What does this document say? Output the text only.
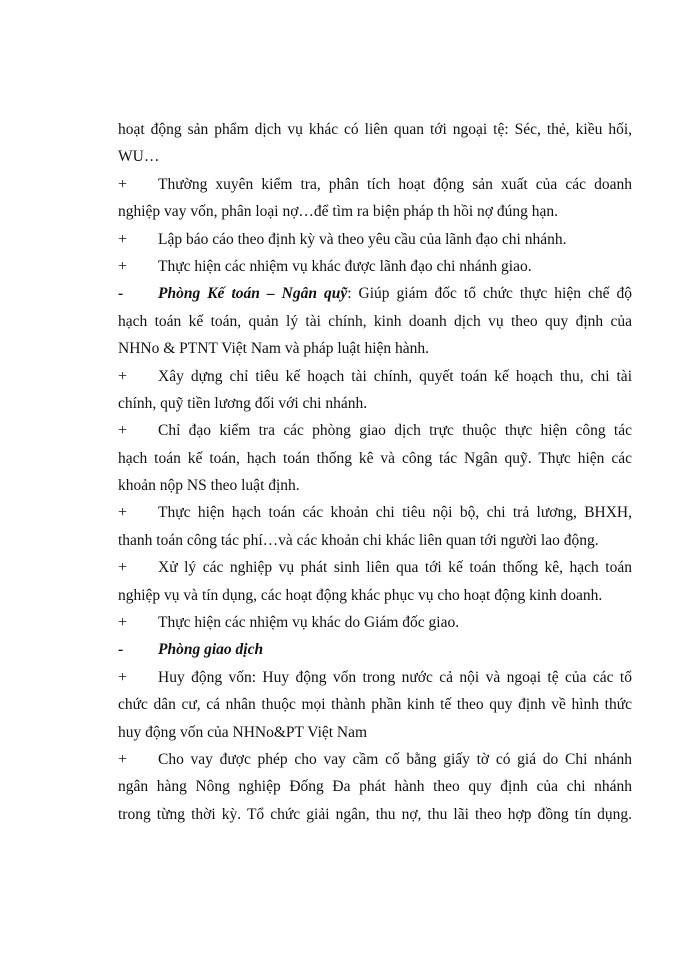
hoạt động sản phẩm dịch vụ khác có liên quan tới ngoại tệ: Séc, thẻ, kiều hối,
WU…
+	Thường xuyên kiểm tra, phân tích hoạt động sản xuất của các doanh
nghiệp vay vốn, phân loại nợ…để tìm ra biện pháp th hồi nợ đúng hạn.
+	Lập báo cáo theo định kỳ và theo yêu cầu của lãnh đạo chi nhánh.
+	Thực hiện các nhiệm vụ khác được lãnh đạo chi nhánh giao.
-	Phòng Kế toán – Ngân quỹ: Giúp giám đốc tổ chức thực hiện chế độ
hạch toán kế toán, quản lý tài chính, kinh doanh dịch vụ theo quy định của
NHNo & PTNT Việt Nam và pháp luật hiện hành.
+	Xây dựng chỉ tiêu kế hoạch tài chính, quyết toán kế hoạch thu, chi tài
chính, quỹ tiền lương đối với chi nhánh.
+	Chỉ đạo kiểm tra các phòng giao dịch trực thuộc thực hiện công tác
hạch toán kế toán, hạch toán thống kê và công tác Ngân quỹ. Thực hiện các
khoản nộp NS theo luật định.
+	Thực hiện hạch toán các khoản chi tiêu nội bộ, chi trả lương, BHXH,
thanh toán công tác phí…và các khoản chi khác liên quan tới người lao động.
+	Xử lý các nghiệp vụ phát sinh liên qua tới kế toán thống kê, hạch toán
nghiệp vụ và tín dụng, các hoạt động khác phục vụ cho hoạt động kinh doanh.
+	Thực hiện các nhiệm vụ khác do Giám đốc giao.
-	Phòng giao dịch
+	Huy động vốn: Huy động vốn trong nước cả nội và ngoại tệ của các tổ
chức dân cư, cá nhân thuộc mọi thành phần kinh tế theo quy định về hình thức
huy động vốn của NHNo&PT Việt Nam
+	Cho vay được phép cho vay cầm cố bằng giấy tờ có giá do Chi nhánh
ngân hàng Nông nghiệp Đống Đa phát hành theo quy định của chi nhánh
trong từng thời kỳ. Tổ chức giải ngân, thu nợ, thu lãi theo hợp đồng tín dụng.
